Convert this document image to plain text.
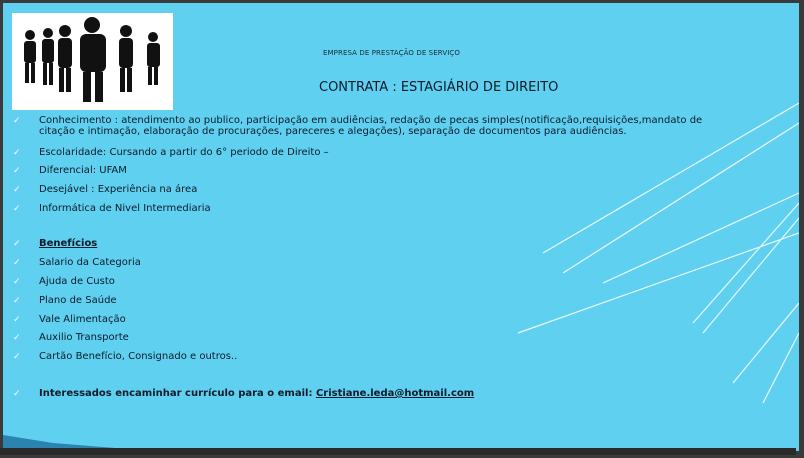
EMPRESA DE PRESTAÇÃO DE SERVIÇO
CONTRATA : ESTAGIÁRIO DE DIREITO
✓ Conhecimento : atendimento ao publico, participação em audiências, redação de pecas simples(notificação,requisições,mandato de
citação e intimação, elaboração de procurações, pareceres e alegações), separação de documentos para audiências.
✓ Escolaridade: Cursando a partir do 6° periodo de Direito –
✓ Diferencial: UFAM
✓ Desejável : Experiência na área
✓ Informática de Nivel Intermediaria
✓ Benefícios
✓ Salario da Categoria
✓ Ajuda de Custo
✓ Plano de Saúde
✓ Vale Alimentação
✓ Auxilio Transporte
✓ Cartão Benefício, Consignado e outros..
✓ Interessados encaminhar currículo para o email: Cristiane.leda@hotmail.com
